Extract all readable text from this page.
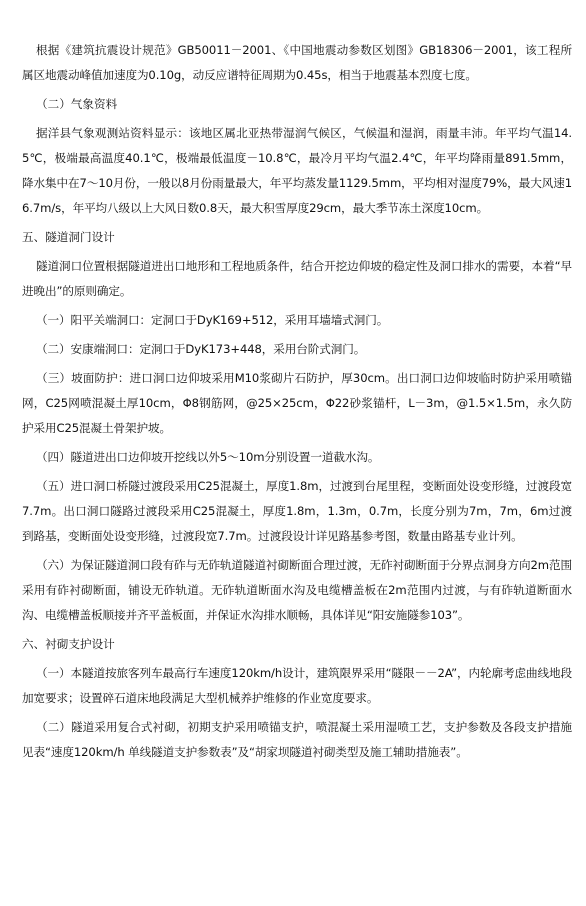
根据《建筑抗震设计规范》GB50011－2001、《中国地震动参数区划图》GB18306－2001，该工程所属区地震动峰值加速度为0.10g，动反应谱特征周期为0.45s，相当于地震基本烈度七度。

（二）气象资料

据洋县气象观测站资料显示：该地区属北亚热带湿润气候区，气候温和湿润，雨量丰沛。年平均气温14.5℃，极端最高温度40.1℃，极端最低温度－10.8℃，最冷月平均气温2.4℃，年平均降雨量891.5mm，降水集中在7～10月份，一般以8月份雨量最大，年平均蒸发量1129.5mm，平均相对湿度79%，最大风速16.7m/s，年平均八级以上大风日数0.8天，最大积雪厚度29cm，最大季节冻土深度10cm。

五、隧道洞门设计

隧道洞口位置根据隧道进出口地形和工程地质条件，结合开挖边仰坡的稳定性及洞口排水的需要，本着“早进晚出”的原则确定。

（一）阳平关端洞口：定洞口于DyK169+512，采用耳墙墙式洞门。

（二）安康端洞口：定洞口于DyK173+448，采用台阶式洞门。

（三）坡面防护：进口洞口边仰坡采用M10浆砌片石防护，厚30cm。出口洞口边仰坡临时防护采用喷锚网，C25网喷混凝土厚10cm，Φ8钢筋网，@25×25cm，Φ22砂浆锚杆，L－3m，@1.5×1.5m，永久防护采用C25混凝土骨架护坡。

（四）隧道进出口边仰坡开挖线以外5～10m分别设置一道截水沟。

（五）进口洞口桥隧过渡段采用C25混凝土，厚度1.8m，过渡到台尾里程，变断面处设变形缝，过渡段宽7.7m。出口洞口隧路过渡段采用C25混凝土，厚度1.8m，1.3m，0.7m，长度分别为7m，7m，6m过渡到路基，变断面处设变形缝，过渡段宽7.7m。过渡段设计详见路基参考图，数量由路基专业计列。

（六）为保证隧道洞口段有砟与无砟轨道隧道衬砌断面合理过渡，无砟衬砌断面于分界点洞身方向2m范围采用有砟衬砌断面，铺设无砟轨道。无砟轨道断面水沟及电缆槽盖板在2m范围内过渡，与有砟轨道断面水沟、电缆槽盖板顺接并齐平盖板面，并保证水沟排水顺畅，具体详见“阳安施隧参103”。

六、衬砌支护设计

（一）本隧道按旅客列车最高行车速度120km/h设计，建筑限界采用“隧限－－2A”，内轮廓考虑曲线地段加宽要求；设置碎石道床地段满足大型机械养护维修的作业宽度要求。

（二）隧道采用复合式衬砌，初期支护采用喷锚支护，喷混凝土采用湿喷工艺，支护参数及各段支护措施见表“速度120km/h 单线隧道支护参数表”及“胡家坝隧道衬砌类型及施工辅助措施表”。
